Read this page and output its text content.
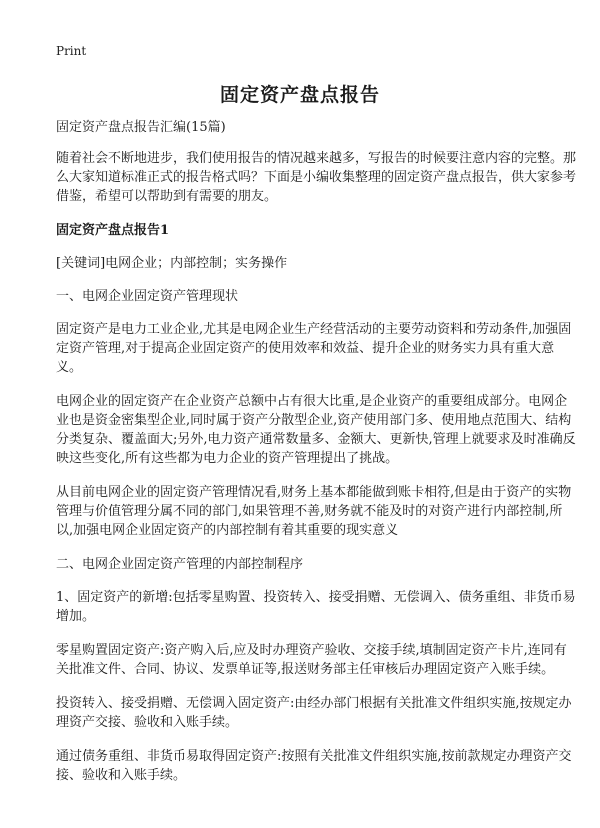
Print
固定资产盘点报告

固定资产盘点报告汇编(15篇)

随着社会不断地进步，我们使用报告的情况越来越多，写报告的时候要注意内容的完整。那么大家知道标准正式的报告格式吗？下面是小编收集整理的固定资产盘点报告，供大家参考借鉴，希望可以帮助到有需要的朋友。

固定资产盘点报告1

[关键词]电网企业；内部控制；实务操作

一、电网企业固定资产管理现状

固定资产是电力工业企业,尤其是电网企业生产经营活动的主要劳动资料和劳动条件,加强固定资产管理,对于提高企业固定资产的使用效率和效益、提升企业的财务实力具有重大意义。

电网企业的固定资产在企业资产总额中占有很大比重,是企业资产的重要组成部分。电网企业也是资金密集型企业,同时属于资产分散型企业,资产使用部门多、使用地点范围大、结构分类复杂、覆盖面大;另外,电力资产通常数量多、金额大、更新快,管理上就要求及时准确反映这些变化,所有这些都为电力企业的资产管理提出了挑战。

从目前电网企业的固定资产管理情况看,财务上基本都能做到账卡相符,但是由于资产的实物管理与价值管理分属不同的部门,如果管理不善,财务就不能及时的对资产进行内部控制,所以,加强电网企业固定资产的内部控制有着其重要的现实意义

二、电网企业固定资产管理的内部控制程序

1、固定资产的新增:包括零星购置、投资转入、接受捐赠、无偿调入、债务重组、非货币易增加。

零星购置固定资产:资产购入后,应及时办理资产验收、交接手续,填制固定资产卡片,连同有关批准文件、合同、协议、发票单证等,报送财务部主任审核后办理固定资产入账手续。

投资转入、接受捐赠、无偿调入固定资产:由经办部门根据有关批准文件组织实施,按规定办理资产交接、验收和入账手续。

通过债务重组、非货币易取得固定资产:按照有关批准文件组织实施,按前款规定办理资产交接、验收和入账手续。
